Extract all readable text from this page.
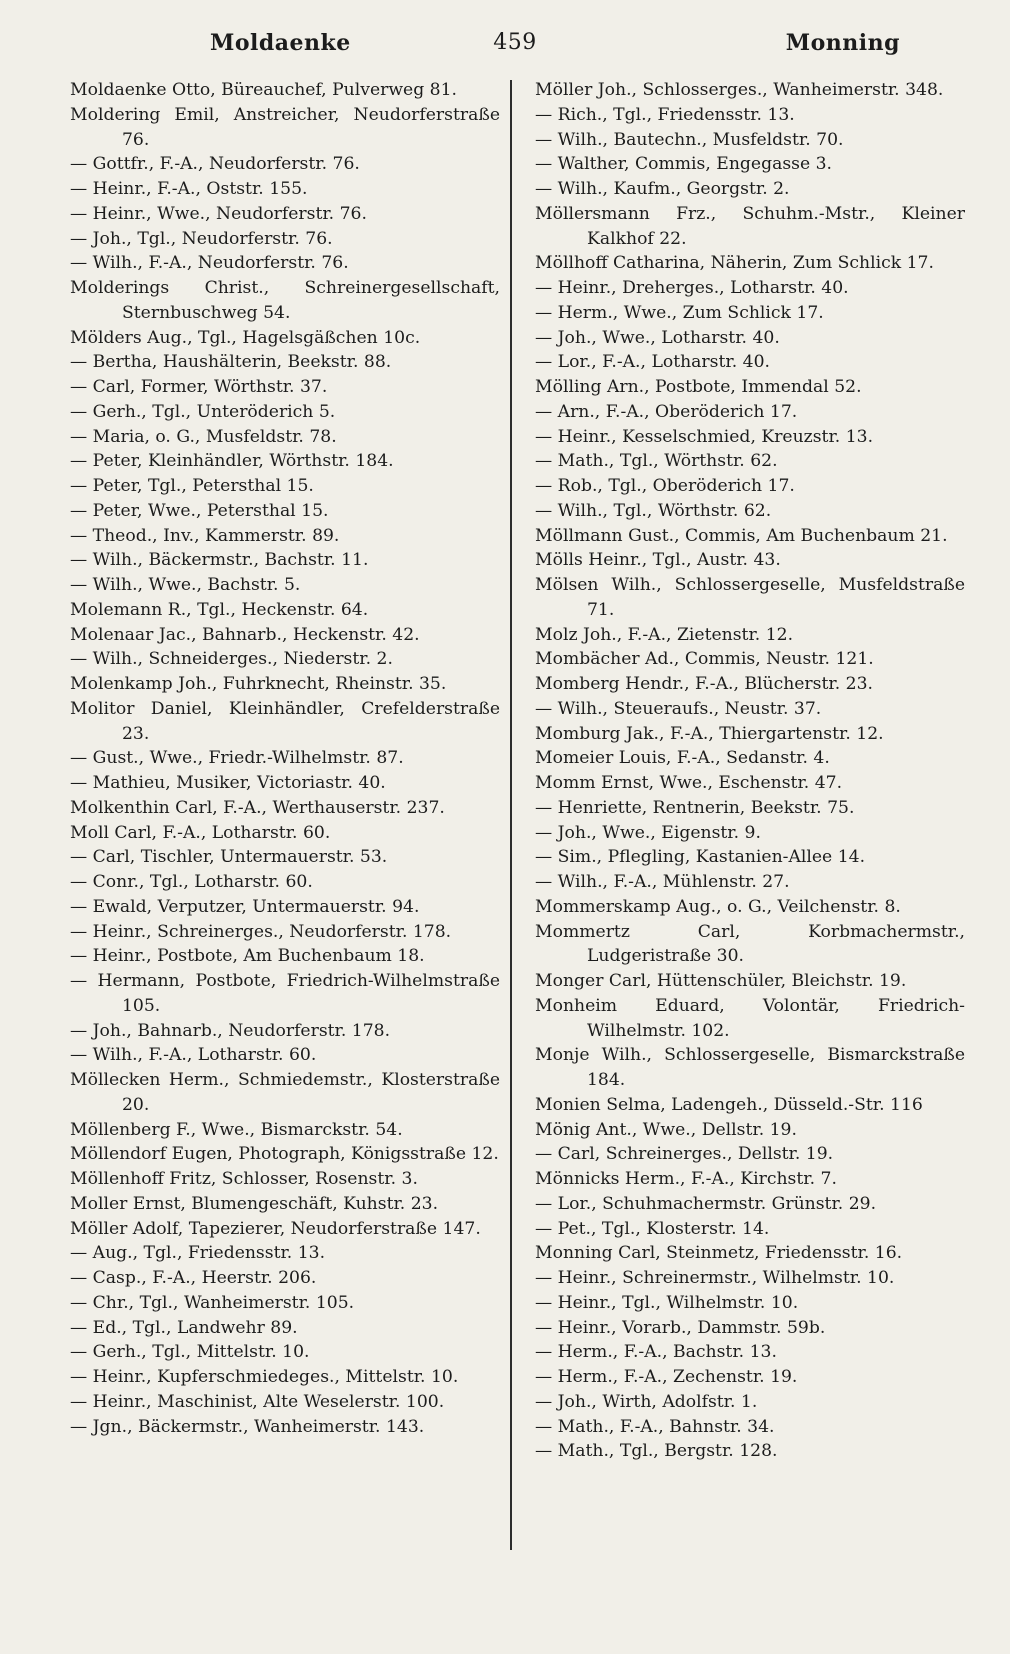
Moldaenke	459	Monning
Moldaenke Otto, Büreauchef, Pulverweg 81.
Moldering Emil, Anstreicher, Neudorferstraße 76.
— Gottfr., F.-A., Neudorferstr. 76.
— Heinr., F.-A., Oststr. 155.
— Heinr., Wwe., Neudorferstr. 76.
— Joh., Tgl., Neudorferstr. 76.
— Wilh., F.-A., Neudorferstr. 76.
Molderings Christ., Schreinergesellschaft, Sternbuschweg 54.
Mölders Aug., Tgl., Hagelsgäßchen 10c.
— Bertha, Haushälterin, Beekstr. 88.
— Carl, Former, Wörthstr. 37.
— Gerh., Tgl., Unteröderich 5.
— Maria, o. G., Musfeldstr. 78.
— Peter, Kleinhändler, Wörthstr. 184.
— Peter, Tgl., Petersthal 15.
— Peter, Wwe., Petersthal 15.
— Theod., Inv., Kammerstr. 89.
— Wilh., Bäckermstr., Bachstr. 11.
— Wilh., Wwe., Bachstr. 5.
Molemann R., Tgl., Heckenstr. 64.
Molenaar Jac., Bahnarb., Heckenstr. 42.
— Wilh., Schneiderges., Niederstr. 2.
Molenkamp Joh., Fuhrknecht, Rheinstr. 35.
Molitor Daniel, Kleinhändler, Crefelderstraße 23.
— Gust., Wwe., Friedr.-Wilhelmstr. 87.
— Mathieu, Musiker, Victoriastr. 40.
Molkenthin Carl, F.-A., Werthauserstr. 237.
Moll Carl, F.-A., Lotharstr. 60.
— Carl, Tischler, Untermauerstr. 53.
— Conr., Tgl., Lotharstr. 60.
— Ewald, Verputzer, Untermauerstr. 94.
— Heinr., Schreinerges., Neudorferstr. 178.
— Heinr., Postbote, Am Buchenbaum 18.
— Hermann, Postbote, Friedrich-Wilhelmstraße 105.
— Joh., Bahnarb., Neudorferstr. 178.
— Wilh., F.-A., Lotharstr. 60.
Möllecken Herm., Schmiedemstr., Klosterstraße 20.
Möllenberg F., Wwe., Bismarckstr. 54.
Möllendorf Eugen, Photograph, Königsstraße 12.
Möllenhoff Fritz, Schlosser, Rosenstr. 3.
Moller Ernst, Blumengeschäft, Kuhstr. 23.
Möller Adolf, Tapezierer, Neudorferstraße 147.
— Aug., Tgl., Friedensstr. 13.
— Casp., F.-A., Heerstr. 206.
— Chr., Tgl., Wanheimerstr. 105.
— Ed., Tgl., Landwehr 89.
— Gerh., Tgl., Mittelstr. 10.
— Heinr., Kupferschmiedeges., Mittelstr. 10.
— Heinr., Maschinist, Alte Weselerstr. 100.
— Jgn., Bäckermstr., Wanheimerstr. 143.
Möller Joh., Schlosserges., Wanheimerstr. 348.
— Rich., Tgl., Friedensstr. 13.
— Wilh., Bautechn., Musfeldstr. 70.
— Walther, Commis, Engegasse 3.
— Wilh., Kaufm., Georgstr. 2.
Möllersmann Frz., Schuhm.-Mstr., Kleiner Kalkhof 22.
Möllhoff Catharina, Näherin, Zum Schlick 17.
— Heinr., Dreherges., Lotharstr. 40.
— Herm., Wwe., Zum Schlick 17.
— Joh., Wwe., Lotharstr. 40.
— Lor., F.-A., Lotharstr. 40.
Mölling Arn., Postbote, Immendal 52.
— Arn., F.-A., Oberöderich 17.
— Heinr., Kesselschmied, Kreuzstr. 13.
— Math., Tgl., Wörthstr. 62.
— Rob., Tgl., Oberöderich 17.
— Wilh., Tgl., Wörthstr. 62.
Möllmann Gust., Commis, Am Buchenbaum 21.
Mölls Heinr., Tgl., Austr. 43.
Mölsen Wilh., Schlossergeselle, Musfeldstraße 71.
Molz Joh., F.-A., Zietenstr. 12.
Mombächer Ad., Commis, Neustr. 121.
Momberg Hendr., F.-A., Blücherstr. 23.
— Wilh., Steueraufs., Neustr. 37.
Momburg Jak., F.-A., Thiergartenstr. 12.
Momeier Louis, F.-A., Sedanstr. 4.
Momm Ernst, Wwe., Eschenstr. 47.
— Henriette, Rentnerin, Beekstr. 75.
— Joh., Wwe., Eigenstr. 9.
— Sim., Pflegling, Kastanien-Allee 14.
— Wilh., F.-A., Mühlenstr. 27.
Mommerskamp Aug., o. G., Veilchenstr. 8.
Mommertz Carl, Korbmachermstr., Ludgeristraße 30.
Monger Carl, Hüttenschüler, Bleichstr. 19.
Monheim Eduard, Volontär, Friedrich-Wilhelmstr. 102.
Monje Wilh., Schlossergeselle, Bismarckstraße 184.
Monien Selma, Ladengeh., Düsseld.-Str. 116
Mönig Ant., Wwe., Dellstr. 19.
— Carl, Schreinerges., Dellstr. 19.
Mönnicks Herm., F.-A., Kirchstr. 7.
— Lor., Schuhmachermstr. Grünstr. 29.
— Pet., Tgl., Klosterstr. 14.
Monning Carl, Steinmetz, Friedensstr. 16.
— Heinr., Schreinermstr., Wilhelmstr. 10.
— Heinr., Tgl., Wilhelmstr. 10.
— Heinr., Vorarb., Dammstr. 59b.
— Herm., F.-A., Bachstr. 13.
— Herm., F.-A., Zechenstr. 19.
— Joh., Wirth, Adolfstr. 1.
— Math., F.-A., Bahnstr. 34.
— Math., Tgl., Bergstr. 128.
